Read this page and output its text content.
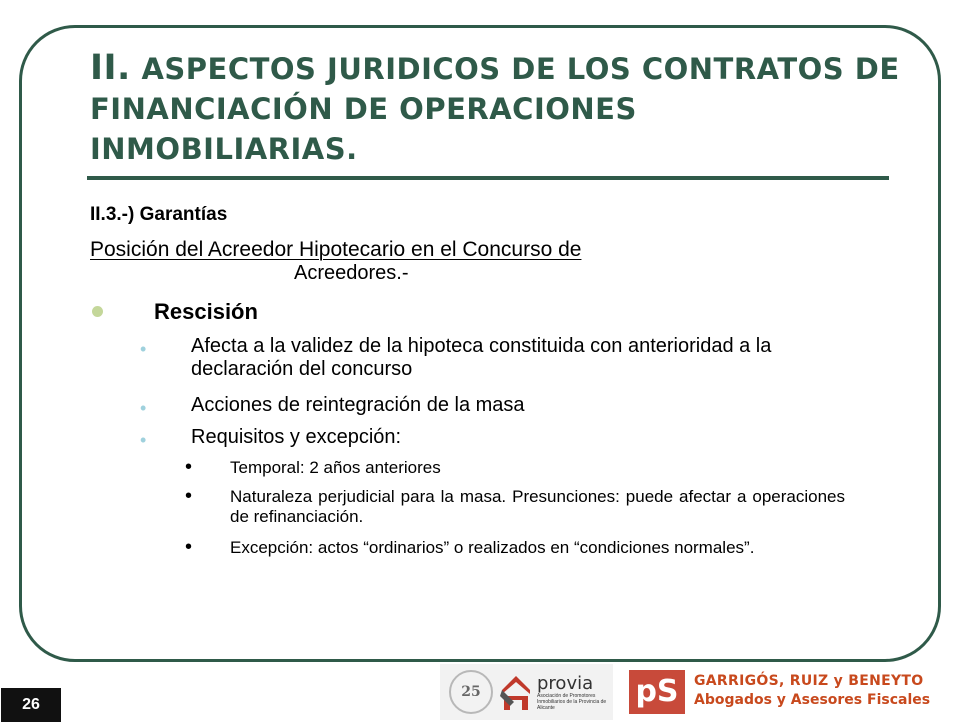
II. ASPECTOS JURIDICOS DE LOS CONTRATOS DE FINANCIACIÓN DE OPERACIONES INMOBILIARIAS.
II.3.-) Garantías
Posición del Acreedor Hipotecario en el Concurso de
Acreedores.-
Rescisión
•	Afecta a la validez de la hipoteca constituida con anterioridad a la declaración del concurso
•	Acciones de reintegración de la masa
•	Requisitos y excepción:
•	Temporal: 2 años anteriores
•	Naturaleza perjudicial para la masa. Presunciones: puede afectar a operaciones de refinanciación.
•	Excepción: actos “ordinarios” o realizados en “condiciones normales”.
26
25	provia
Asociación de Promotores Inmobiliarios de la Provincia de Alicante	pS	GARRIGÓS, RUIZ y BENEYTO
Abogados y Asesores Fiscales
